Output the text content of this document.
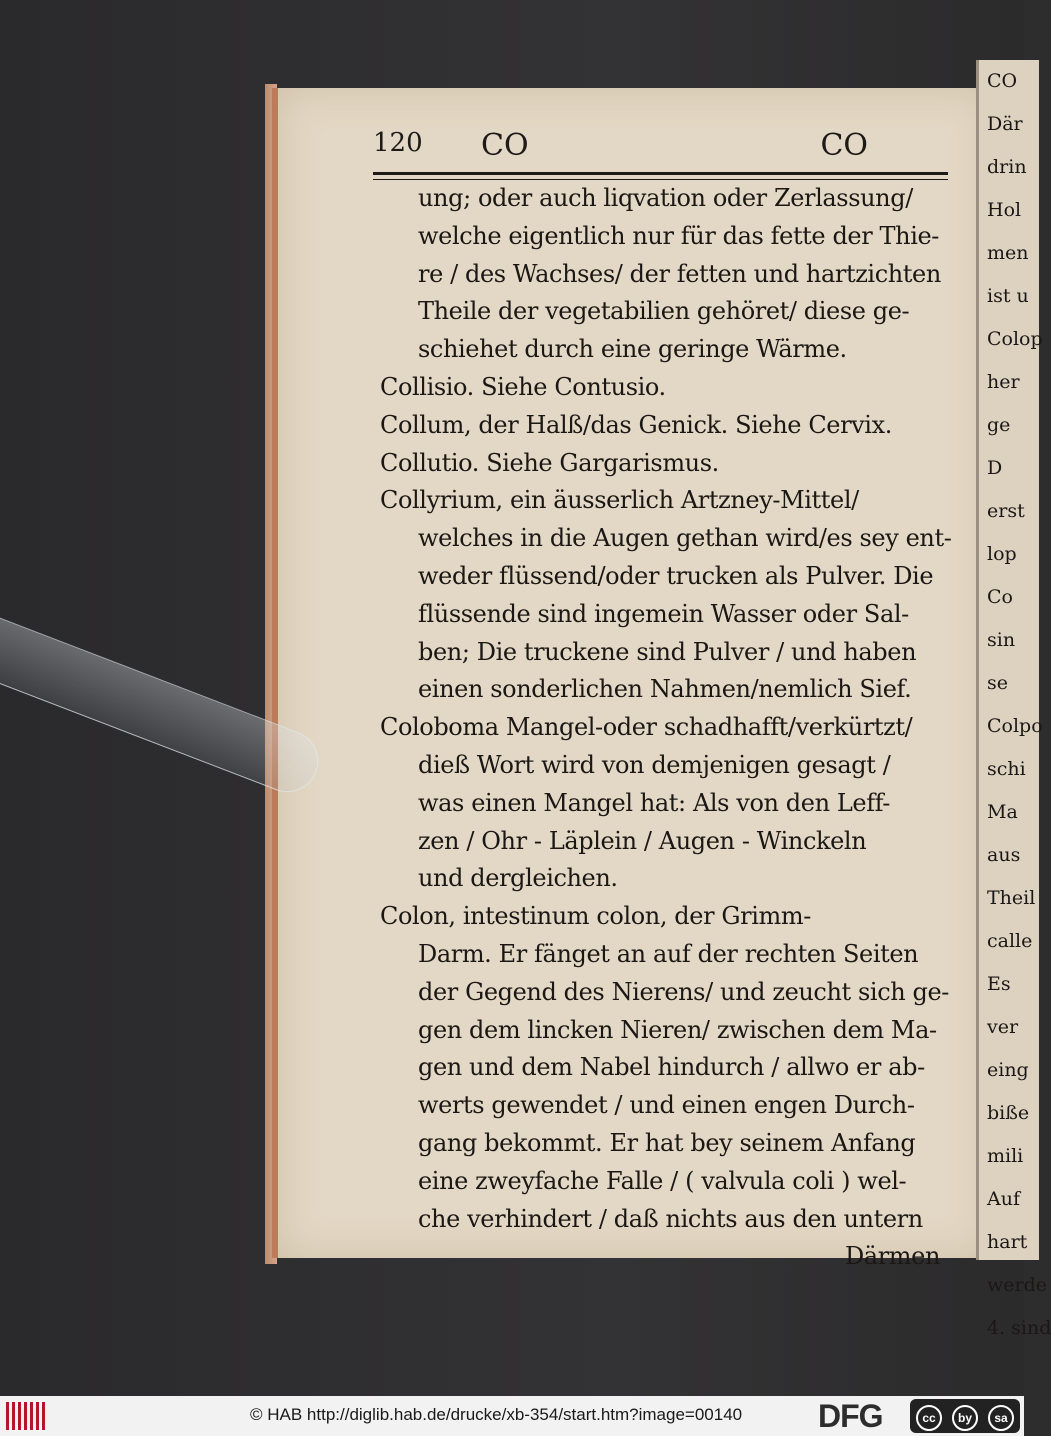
CO
Där
drin
Hol
men
ist u
Colop
her
ge
D
erst
lop
Co
sin
se
Colpo
schi
Ma
aus
Theil
calle
Es
ver
eing
biße
mili
Auf
hart
werde
4. sind
120 CO	CO
ung; oder auch liqvation oder Zerlassung/
welche eigentlich nur für das fette der Thie-
re / des Wachses/ der fetten und hartzichten
Theile der vegetabilien gehöret/ diese ge-
schiehet durch eine geringe Wärme.
Collisio. Siehe Contusio.
Collum, der Halß/das Genick. Siehe Cervix.
Collutio. Siehe Gargarismus.
Collyrium, ein äusserlich Artzney-Mittel/
welches in die Augen gethan wird/es sey ent-
weder flüssend/oder trucken als Pulver. Die
flüssende sind ingemein Wasser oder Sal-
ben; Die truckene sind Pulver / und haben
einen sonderlichen Nahmen/nemlich Sief.
Coloboma Mangel-oder schadhafft/verkürtzt/
dieß Wort wird von demjenigen gesagt /
was einen Mangel hat: Als von den Leff-
zen / Ohr - Läplein / Augen - Winckeln
und dergleichen.
Colon, intestinum colon, der Grimm-
Darm. Er fänget an auf der rechten Seiten
der Gegend des Nierens/ und zeucht sich ge-
gen dem lincken Nieren/ zwischen dem Ma-
gen und dem Nabel hindurch / allwo er ab-
werts gewendet / und einen engen Durch-
gang bekommt. Er hat bey seinem Anfang
eine zweyfache Falle / ( valvula coli ) wel-
che verhindert / daß nichts aus den untern
Därmen
© HAB http://diglib.hab.de/drucke/xb-354/start.htm?image=00140 DFG	cc	by	sa
